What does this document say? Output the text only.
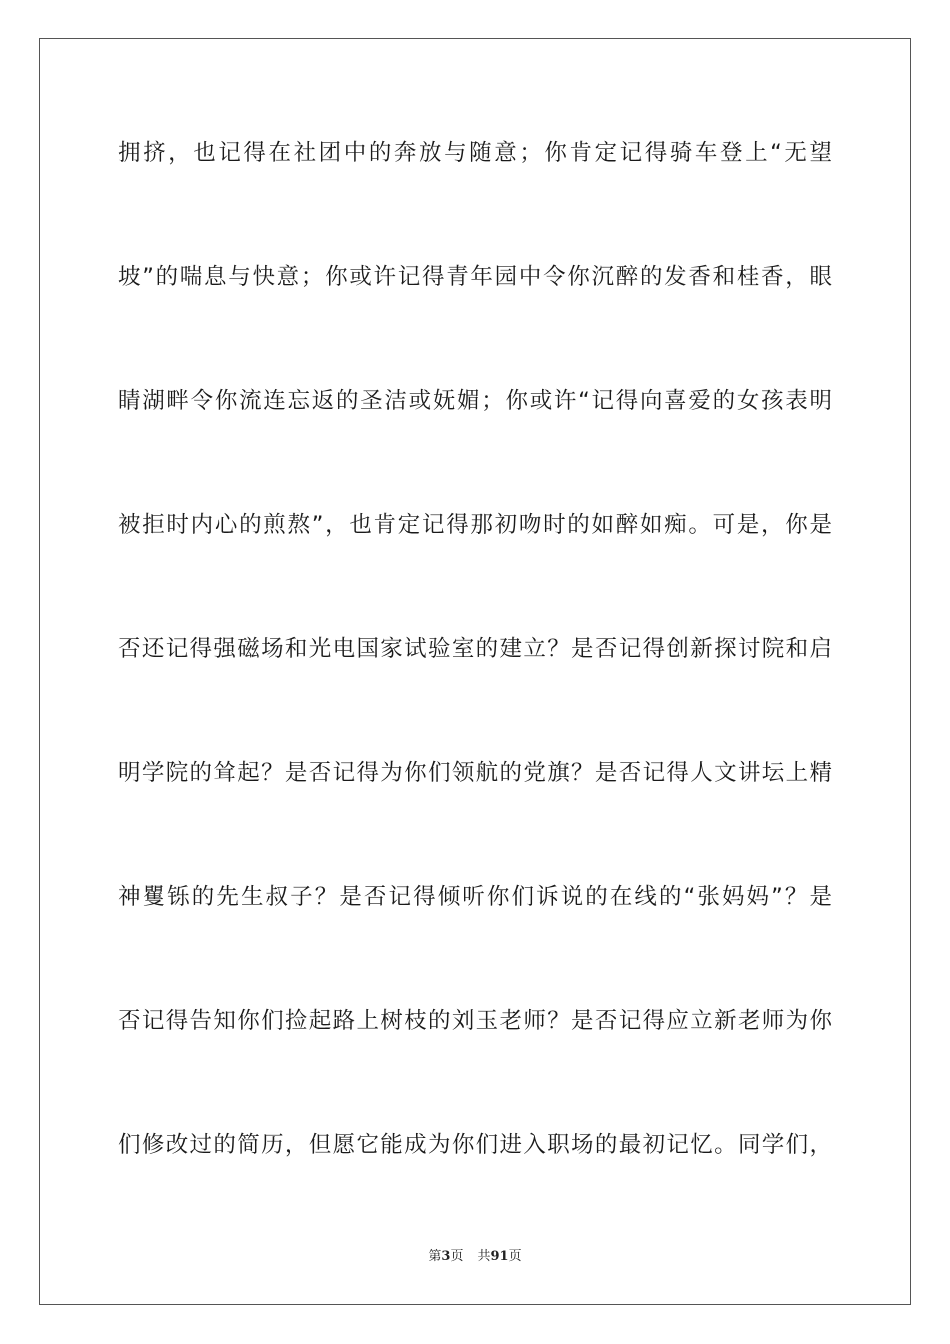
拥挤，也记得在社团中的奔放与随意；你肯定记得骑车登上“无望
坡”的喘息与快意；你或许记得青年园中令你沉醉的发香和桂香，眼
睛湖畔令你流连忘返的圣洁或妩媚；你或许“记得向喜爱的女孩表明
被拒时内心的煎熬”，也肯定记得那初吻时的如醉如痴。可是，你是
否还记得强磁场和光电国家试验室的建立？是否记得创新探讨院和启
明学院的耸起？是否记得为你们领航的党旗？是否记得人文讲坛上精
神矍铄的先生叔子？是否记得倾听你们诉说的在线的“张妈妈”？是
否记得告知你们捡起路上树枝的刘玉老师？是否记得应立新老师为你
们修改过的简历，但愿它能成为你们进入职场的最初记忆。同学们，
第3页 共91页
